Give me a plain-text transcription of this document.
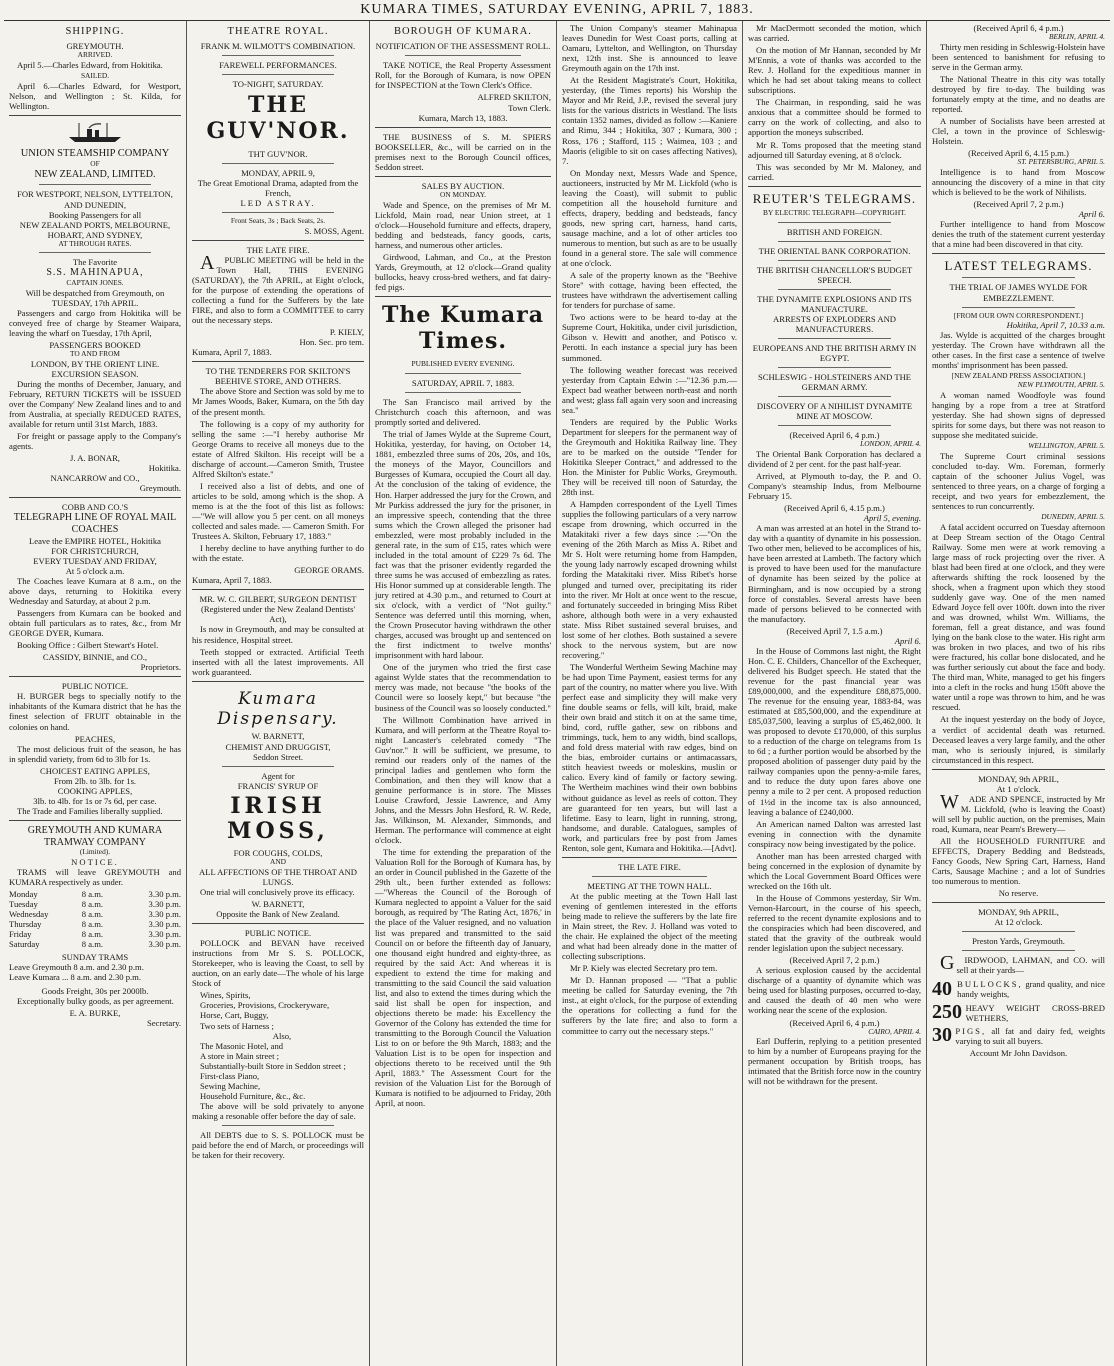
KUMARA TIMES, SATURDAY EVENING, APRIL 7, 1883.
SHIPPING.
GREYMOUTH.
ARRIVED.

April 5.—Charles Edward, from Hokitika.

SAILED.

April 6.—Charles Edward, for Westport, Nelson, and Wellington ; St. Kilda, for Wellington.

UNION STEAMSHIP COMPANY
OF
NEW ZEALAND, LIMITED.
FOR WESTPORT, NELSON, LYTTELTON, AND DUNEDIN,
Booking Passengers for all
NEW ZEALAND PORTS, MELBOURNE, HOBART, AND SYDNEY,
AT THROUGH RATES.
The Favorite
S.S. MAHINAPUA,
CAPTAIN JONES.
Will be despatched from Greymouth, on
TUESDAY, 17th APRIL.

Passengers and cargo from Hokitika will be conveyed free of charge by Steamer Waipara, leaving the wharf on Tuesday, 17th April,

PASSENGERS BOOKED
TO AND FROM
LONDON, BY THE ORIENT LINE.
EXCURSION SEASON.

During the months of December, January, and February, RETURN TICKETS will be ISSUED over the Company' New Zealand lines and to and from Australia, at specially REDUCED RATES, available for return until 31st March, 1883.

For freight or passage apply to the Company's agents.

J. A. BONAR,
Hokitika.
NANCARROW and CO.,
Greymouth.
COBB AND CO.'S
TELEGRAPH LINE OF ROYAL MAIL COACHES
Leave the EMPIRE HOTEL, Hokitika
FOR CHRISTCHURCH,
EVERY TUESDAY AND FRIDAY,
At 5 o'clock a.m.

The Coaches leave Kumara at 8 a.m., on the above days, returning to Hokitika every Wednesday and Saturday, at about 2 p.m.

Passengers from Kumara can be booked and obtain full particulars as to rates, &c., from Mr GEORGE DYER, Kumara.

Booking Office : Gilbert Stewart's Hotel.

CASSIDY, BINNIE, and CO.,
Proprietors.
PUBLIC NOTICE.

H. BURGER begs to specially notify to the inhabitants of the Kumara district that he has the finest selection of FRUIT obtainable in the colonies on hand.

PEACHES,

The most delicious fruit of the season, he has in splendid variety, from 6d to 3lb for 1s.

CHOICEST EATING APPLES,
From 2lb. to 3lb. for 1s.
COOKING APPLES,
3lb. to 4lb. for 1s or 7s 6d, per case.

The Trade and Families liberally supplied.

GREYMOUTH AND KUMARA TRAMWAY COMPANY
(Limited).
NOTICE.

TRAMS will leave GREYMOUTH and KUMARA respectively as under.

Monday	8 a.m.	3.30 p.m.
Tuesday	8 a.m.	3.30 p.m.
Wednesday	8 a.m.	3.30 p.m.
Thursday	8 a.m.	3.30 p.m.
Friday	8 a.m.	3.30 p.m.
Saturday	8 a.m.	3.30 p.m.
SUNDAY TRAMS
Leave Greymouth 8 a.m. and 2.30 p.m.
Leave Kumara ... 8 a.m. and 2.30 p.m.
Goods Freight, 30s per 2000lb.

Exceptionally bulky goods, as per agreement.

E. A. BURKE,
Secretary.
THEATRE ROYAL.
FRANK M. WILMOTT'S COMBINATION.
FAREWELL PERFORMANCES.
TO-NIGHT, SATURDAY.
THE GUV'NOR.
THT GUV'NOR.
MONDAY, APRIL 9,
The Great Emotional Drama, adapted from the French,
LED ASTRAY.
Front Seats, 3s ; Back Seats, 2s.
S. MOSS, Agent.
THE LATE FIRE.

APUBLIC MEETING will be held in the Town Hall, THIS EVENING (SATURDAY), the 7th APRIL, at Eight o'clock, for the purpose of extending the operations of collecting a fund for the Sufferers by the late FIRE, and also to form a COMMITTEE to carry out the necessary steps.

P. KIELY,
Hon. Sec. pro tem.
Kumara, April 7, 1883.
TO THE TENDERERS FOR SKILTON'S BEEHIVE STORE, AND OTHERS.

The above Store and Section was sold by me to Mr James Woods, Baker, Kumara, on the 5th day of the present month.

The following is a copy of my authority for selling the same :—"I hereby authorise Mr George Orams to receive all moneys due to the estate of Alfred Skilton. His receipt will be a discharge of account.—Cameron Smith, Trustee Alfred Skilton's estate."

I received also a list of debts, and one of articles to be sold, among which is the shop. A memo is at the the foot of this list as follows:—"We will allow you 5 per cent. on all moneys collected and sales made. — Cameron Smith. For Trustees A. Skilton, February 17, 1883."

I hereby decline to have anything further to do with the estate.

GEORGE ORAMS.
Kumara, April 7, 1883.
MR. W. C. GILBERT, SURGEON DENTIST
(Registered under the New Zealand Dentists' Act),

Is now in Greymouth, and may be consulted at his residence, Hospital street.

Teeth stopped or extracted. Artificial Teeth inserted with all the latest improvements. All work guaranteed.

Kumara Dispensary.
W. BARNETT,
CHEMIST AND DRUGGIST,
Seddon Street.
Agent for
FRANCIS' SYRUP OF
IRISH MOSS,
FOR COUGHS, COLDS,
AND
ALL AFFECTIONS OF THE THROAT AND LUNGS.

One trial will conclusively prove its efficacy.

W. BARNETT,
Opposite the Bank of New Zealand.
PUBLIC NOTICE.

POLLOCK and BEVAN have received instructions from Mr S. S. POLLOCK, Storekeeper, who is leaving the Coast, to sell by auction, on an early date—The whole of his large Stock of

Wines, Spirits,
Groceries, Provisions, Crockeryware,
Horse, Cart, Buggy,
Two sets of Harness ;
Also,
The Masonic Hotel, and
A store in Main street ;
Substantially-built Store in Seddon street ;
First-class Piano,
Sewing Machine,
Household Furniture, &c., &c.

The above will be sold privately to anyone making a resonable offer before the day of sale.

All DEBTS due to S. S. POLLOCK must be paid before the end of March, or proceedings will be taken for their recovery.

BOROUGH OF KUMARA.
NOTIFICATION OF THE ASSESSMENT ROLL.

TAKE NOTICE, the Real Property Assessment Roll, for the Borough of Kumara, is now OPEN for INSPECTION at the Town Clerk's Office.

ALFRED SKILTON,
Town Clerk.
Kumara, March 13, 1883.

THE BUSINESS of S. M. SPIERS BOOKSELLER, &c., will be carried on in the premises next to the Borough Council offices, Seddon street.

SALES BY AUCTION.
ON MONDAY.

Wade and Spence, on the premises of Mr M. Lickfold, Main road, near Union street, at 1 o'clock—Household furniture and effects, drapery, bedding and bedsteads, fancy goods, carts, harness, and numerous other articles.

Girdwood, Lahman, and Co., at the Preston Yards, Greymouth, at 12 o'clock—Grand quality bullocks, heavy cross-bred wethers, and fat dairy-fed pigs.

The Kumara Times.
PUBLISHED EVERY EVENING.
SATURDAY, APRIL 7, 1883.

The San Francisco mail arrived by the Christchurch coach this afternoon, and was promptly sorted and delivered.

The trial of James Wylde at the Supreme Court, Hokitika, yesterday, for having, on October 14, 1881, embezzled three sums of 20s, 20s, and 10s, the moneys of the Mayor, Councillors and Burgesses of Kumara, occupied the Court all day. At the conclusion of the taking of evidence, the Hon. Harper addressed the jury for the Crown, and Mr Purkiss addressed the jury for the prisoner, in an impressive speech, contending that the three sums which the Crown alleged the prisoner had embezzled, were most probably included in the general rate, in the sum of £15, rates which were included in the total amount of £229 7s 6d. The fact was that the prisoner evidently regarded the three sums he was accused of embezzling as rates. His Honor summed up at considerable length. The jury retired at 4.30 p.m., and returned to Court at six o'clock, with a verdict of "Not guilty." Sentence was deferred until this morning, when, the Crown Prosecutor having withdrawn the other charges, accused was brought up and sentenced on the first indictment to twelve months' imprisonment with hard labour.

One of the jurymen who tried the first case against Wylde states that the recommendation to mercy was made, not because "the books of the Council were so loosely kept," but because "the business of the Council was so loosely conducted."

The Willmott Combination have arrived in Kumara, and will perform at the Theatre Royal to-night Lancaster's celebrated comedy "The Guv'nor." It will be sufficient, we presume, to remind our readers only of the names of the principal ladies and gentlemen who form the Combination, and then they will know that a genuine performance is in store. The Misses Louise Crawford, Jessie Lawrence, and Amy Johns, and the Messrs John Hesford, R. W. Rede, Jas. Wilkinson, M. Alexander, Simmonds, and Herman. The performance will commence at eight o'clock.

The time for extending the preparation of the Valuation Roll for the Borough of Kumara has, by an order in Council published in the Gazette of the 29th ult., been further extended as follows:—"Whereas the Council of the Borough of Kumara neglected to appoint a Valuer for the said borough, as required by 'The Rating Act, 1876,' in the place of the Valuer resigned, and no valuation list was prepared and transmitted to the said Council on or before the fifteenth day of January, one thousand eight hundred and eighty-three, as required by the said Act: And whereas it is expedient to extend the time for making and transmitting to the said Council the said valuation list, and also to extend the times during which the said list shall be open for inspection, and objections thereto be made: his Excellency the Governor of the Colony has extended the time for transmitting to the Borough Council the Valuation List to on or before the 9th March, 1883; and the Valuation List is to be open for inspection and objections thereto to be received until the 9th April, 1883." The Assessment Court for the revision of the Valuation List for the Borough of Kumara is notified to be adjourned to Friday, 20th April, at noon.

The Union Company's steamer Mahinapua leaves Dunedin for West Coast ports, calling at Oamaru, Lyttelton, and Wellington, on Thursday next, 12th inst. She is announced to leave Greymouth again on the 17th inst.

At the Resident Magistrate's Court, Hokitika, yesterday, (the Times reports) his Worship the Mayor and Mr Reid, J.P., revised the several jury lists for the various districts in Westland. The lists contain 1352 names, divided as follow :—Kaniere and Rimu, 344 ; Hokitika, 307 ; Kumara, 300 ; Ross, 176 ; Stafford, 115 ; Waimea, 103 ; and Maoris (eligible to sit on cases affecting Natives), 7.

On Monday next, Messrs Wade and Spence, auctioneers, instructed by Mr M. Lickfold (who is leaving the Coast), will submit to public competition all the household furniture and effects, drapery, bedding and bedsteads, fancy goods, new spring cart, harness, hand carts, sausage machine, and a lot of other articles too numerous to mention, but such as are to be usually found in a general store. The sale will commence at one o'clock.

A sale of the property known as the "Beehive Store" with cottage, having been effected, the trustees have withdrawn the advertisement calling for tenders for purchase of same.

Two actions were to be heard to-day at the Supreme Court, Hokitika, under civil jurisdiction, Gibson v. Hewitt and another, and Potisco v. Perotti. In each instance a special jury has been summoned.

The following weather forecast was received yesterday from Captain Edwin :—"12.36 p.m.—Expect bad weather between north-east and north and west; glass fall again very soon and increasing sea."

Tenders are required by the Public Works Department for sleepers for the permanent way of the Greymouth and Hokitika Railway line. They are to be marked on the outside "Tender for Hokitika Sleeper Contract," and addressed to the Hon. the Minister for Public Works, Greymouth. They will be received till noon of Saturday, the 28th inst.

A Hampden correspondent of the Lyell Times supplies the following particulars of a very narrow escape from drowning, which occurred in the Matakitaki river a few days since :—"On the evening of the 26th March as Miss A. Ribet and Mr S. Holt were returning home from Hampden, the young lady narrowly escaped drowning whilst fording the Matakitaki river. Miss Ribet's horse plunged and turned over, precipitating its rider into the river. Mr Holt at once went to the rescue, and fortunately succeeded in bringing Miss Ribet ashore, although both were in a very exhausted state. Miss Ribet sustained several bruises, and lost some of her clothes. Both sustained a severe shock to the nervous system, but are now recovering."

The Wonderful Wertheim Sewing Machine may be had upon Time Payment, easiest terms for any part of the country, no matter where you live. With perfect ease and simplicity they will make very fine double seams or fells, will kilt, braid, make their own braid and stitch it on at the same time, bind, cord, ruffle gather, sew on ribbons and trimmings, tuck, hem to any width, bind scallops, and fold dress material with raw edges, bind on the bias, embroider curtains or antimacassars, stitch heaviest tweeds or moleskins, muslin or calico. Every kind of family or factory sewing. The Wertheim machines wind their own bobbins without guidance as level as reels of cotton. They are guaranteed for ten years, but will last a lifetime. Easy to learn, light in running, strong, handsome, and durable. Catalogues, samples of work, and particulars free by post from James Renton, sole gent, Kumara and Hokitika.—[Advt].

THE LATE FIRE.
MEETING AT THE TOWN HALL.

At the public meeting at the Town Hall last evening of gentlemen interested in the efforts being made to relieve the sufferers by the late fire in Main street, the Rev. J. Holland was voted to the chair. He explained the object of the meeting and what had been already done in the matter of collecting subscriptions.

Mr P. Kiely was elected Secretary pro tem.

Mr D. Hannan proposed — "That a public meeting be called for Saturday evening, the 7th inst., at eight o'clock, for the purpose of extending the operations for collecting a fund for the sufferers by the late fire; and also to form a committee to carry out the necessary steps."

Mr MacDermott seconded the motion, which was carried.

On the motion of Mr Hannan, seconded by Mr M'Ennis, a vote of thanks was accorded to the Rev. J. Holland for the expeditious manner in which he had set about taking means to collect subscriptions.

The Chairman, in responding, said he was anxious that a committee should be formed to carry on the work of collecting, and also to apportion the moneys subscribed.

Mr R. Toms proposed that the meeting stand adjourned till Saturday evening, at 8 o'clock.

This was seconded by Mr M. Maloney, and carried.

REUTER'S TELEGRAMS.
BY ELECTRIC TELEGRAPH—COPYRIGHT.
BRITISH AND FOREIGN.
THE ORIENTAL BANK CORPORATION.
THE BRITISH CHANCELLOR'S BUDGET SPEECH.
THE DYNAMITE EXPLOSIONS AND ITS MANUFACTURE.
ARRESTS OF EXPLODERS AND MANUFACTURERS.
EUROPEANS AND THE BRITISH ARMY IN EGYPT.
SCHLESWIG - HOLSTEINERS AND THE GERMAN ARMY.
DISCOVERY OF A NIHILIST DYNAMITE MINE AT MOSCOW.
(Received April 6, 4 p.m.)
LONDON, APRIL 4.

The Oriental Bank Corporation has declared a dividend of 2 per cent. for the past half-year.

Arrived, at Plymouth to-day, the P. and O. Company's steamship Indus, from Melbourne February 15.

(Received April 6, 4.15 p.m.)
April 5, evening.

A man was arrested at an hotel in the Strand to-day with a quantity of dynamite in his possession. Two other men, believed to be accomplices of his, have been arrested at Lambeth. The factory which is proved to have been used for the manufacture of dynamite has been seized by the police at Birmingham, and is now occupied by a strong force of constables. Several arrests have been made of persons believed to be connected with the manufactory.

(Received April 7, 1.5 a.m.)
April 6.

In the House of Commons last night, the Right Hon. C. E. Childers, Chancellor of the Exchequer, delivered his Budget speech. He stated that the revenue for the past financial year was £89,000,000, and the expenditure £88,875,000. The revenue for the ensuing year, 1883-84, was estimated at £85,500,000, and the expenditure at £85,037,500, leaving a surplus of £5,462,000. It was proposed to devote £170,000, of this surplus to a reduction of the charge on telegrams from 1s to 6d ; a further portion would be absorbed by the proposed abolition of passenger duty paid by the railway companies upon the penny-a-mile fares, and to reduce the duty upon fares above one penny a mile to 2 per cent. A proposed reduction of 1½d in the income tax is also announced, leaving a balance of £240,000.

An American named Dalton was arrested last evening in connection with the dynamite conspiracy now being investigated by the police.

Another man has been arrested charged with being concerned in the explosion of dynamite by which the Local Government Board Offices were wrecked on the 16th ult.

In the House of Commons yesterday, Sir Wm. Vernon-Harcourt, in the course of his speech, referred to the recent dynamite explosions and to the conspiracies which had been discovered, and stated that the gravity of the outbreak would render legislation upon the subject necessary.

(Received April 7, 2 p.m.)

A serious explosion caused by the accidental discharge of a quantity of dynamite which was being used for blasting purposes, occurred to-day, and caused the death of 40 men who were working near the scene of the explosion.

(Received April 6, 4 p.m.)
CAIRO, APRIL 4.

Earl Dufferin, replying to a petition presented to him by a number of Europeans praying for the permanent occupation by British troops, has intimated that the British force now in the country will not be withdrawn for the present.

(Received April 6, 4 p.m.)
BERLIN, APRIL 4.

Thirty men residing in Schleswig-Holstein have been sentenced to banishment for refusing to serve in the German army.

The National Theatre in this city was totally destroyed by fire to-day. The building was fortunately empty at the time, and no deaths are reported.

A number of Socialists have been arrested at Clel, a town in the province of Schleswig-Holstein.

(Received April 6, 4.15 p.m.)
ST. PETERSBURG, APRIL 5.

Intelligence is to hand from Moscow announcing the discovery of a mine in that city which is believed to be the work of Nihilists.

(Received April 7, 2 p.m.)
April 6.

Further intelligence to hand from Moscow denies the truth of the statement current yesterday that a mine had been discovered in that city.

LATEST TELEGRAMS.
THE TRIAL OF JAMES WYLDE FOR EMBEZZLEMENT.
[FROM OUR OWN CORRESPONDENT.]
Hokitika, April 7, 10.33 a.m.

Jas. Wylde is acquitted of the charges brought yesterday. The Crown have withdrawn all the other cases. In the first case a sentence of twelve months' imprisonment has been passed.

[NEW ZEALAND PRESS ASSOCIATION.]
NEW PLYMOUTH, APRIL 5.

A woman named Woodfoyle was found hanging by a rope from a tree at Stratford yesterday. She had shown signs of depressed spirits for some days, but there was not reason to suppose she meditated suicide.

WELLINGTON, APRIL 5.

The Supreme Court criminal sessions concluded to-day. Wm. Foreman, formerly captain of the schooner Julius Vogel, was sentenced to three years, on a charge of forging a receipt, and two years for embezzlement, the sentences to run concurrently.

DUNEDIN, APRIL 5.

A fatal accident occurred on Tuesday afternoon at Deep Stream section of the Otago Central Railway. Some men were at work removing a large mass of rock projecting over the river. A blast had been fired at one o'clock, and they were afterwards shifting the rock loosened by the shock, when a fragment upon which they stood suddenly gave way. One of the men named Edward Joyce fell over 100ft. down into the river and was drowned, whilst Wm. Williams, the foreman, fell a great distance, and was found lying on the bank close to the water. His right arm was broken in two places, and two of his ribs were fractured, his collar bone dislocated, and he was further seriously cut about the face and body. The third man, White, managed to get his fingers into a cleft in the rocks and hung 150ft above the water until a rope was thrown to him, and he was rescued.

At the inquest yesterday on the body of Joyce, a verdict of accidental death was returned. Deceased leaves a very large family, and the other man, who is seriously injured, is similarly circumstanced in this respect.

MONDAY, 9th APRIL,
At 1 o'clock.

WADE AND SPENCE, instructed by Mr M. Lickfold, (who is leaving the Coast) will sell by public auction, on the premises, Main road, Kumara, near Pearn's Brewery—

All the HOUSEHOLD FURNITURE and EFFECTS, Drapery Bedding and Bedsteads, Fancy Goods, New Spring Cart, Harness, Hand Carts, Sausage Machine ; and a lot of Sundries too numerous to mention.

No reserve.
MONDAY, 9th APRIL,
At 12 o'clock.
Preston Yards, Greymouth.

GIRDWOOD, LAHMAN, and CO. will sell at their yards—

40 BULLOCKS, grand quality, and nice handy weights,
250 HEAVY WEIGHT CROSS-BRED WETHERS,
30 PIGS, all fat and dairy fed, weights varying to suit all buyers.
Account Mr John Davidson.
